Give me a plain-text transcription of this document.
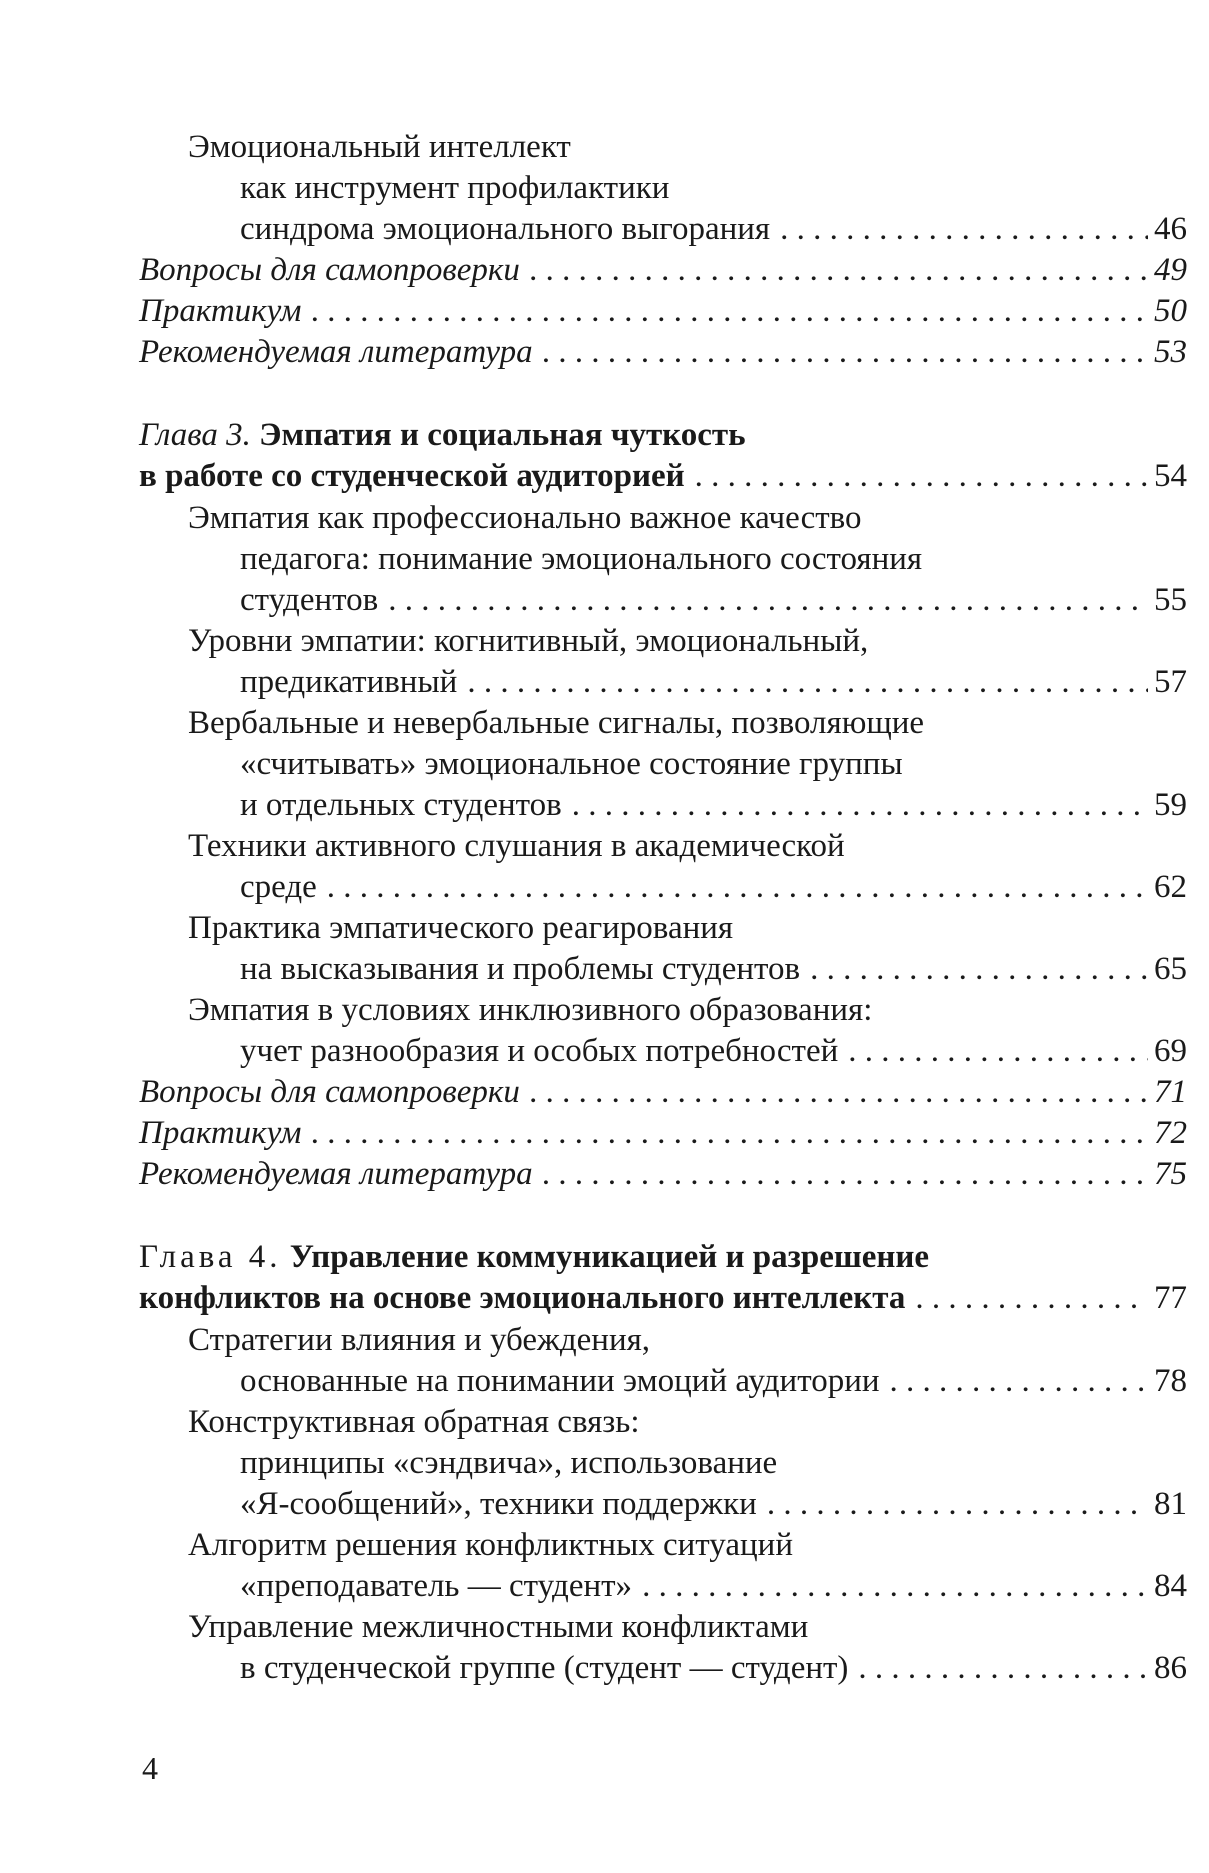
Эмоциональный интеллект
как инструмент профилактики
синдрома эмоционального выгорания . . .	46
Вопросы для самопроверки . . .	49
Практикум . . .	50
Рекомендуемая литература . . .	53
Глава 3.
Эмпатия и социальная чуткость
в работе со студенческой аудиторией . . .	54
Эмпатия как профессионально важное качество
педагога: понимание эмоционального состояния
студентов . . .	55
Уровни эмпатии: когнитивный, эмоциональный,
предикативный . . .	57
Вербальные и невербальные сигналы, позволяющие
«считывать» эмоциональное состояние группы
и отдельных студентов . . .	59
Техники активного слушания в академической
среде . . .	62
Практика эмпатического реагирования
на высказывания и проблемы студентов . . .	65
Эмпатия в условиях инклюзивного образования:
учет разнообразия и особых потребностей . . .	69
Вопросы для самопроверки . . .	71
Практикум . . .	72
Рекомендуемая литература . . .	75
Глава 4.
Управление коммуникацией и разрешение
конфликтов на основе эмоционального интеллекта . . .	77
Стратегии влияния и убеждения,
основанные на понимании эмоций аудитории . . .	78
Конструктивная обратная связь:
принципы «сэндвича», использование
«Я-сообщений», техники поддержки . . .	81
Алгоритм решения конфликтных ситуаций
«преподаватель — студент» . . .	84
Управление межличностными конфликтами
в студенческой группе (студент — студент) . . .	86
4
